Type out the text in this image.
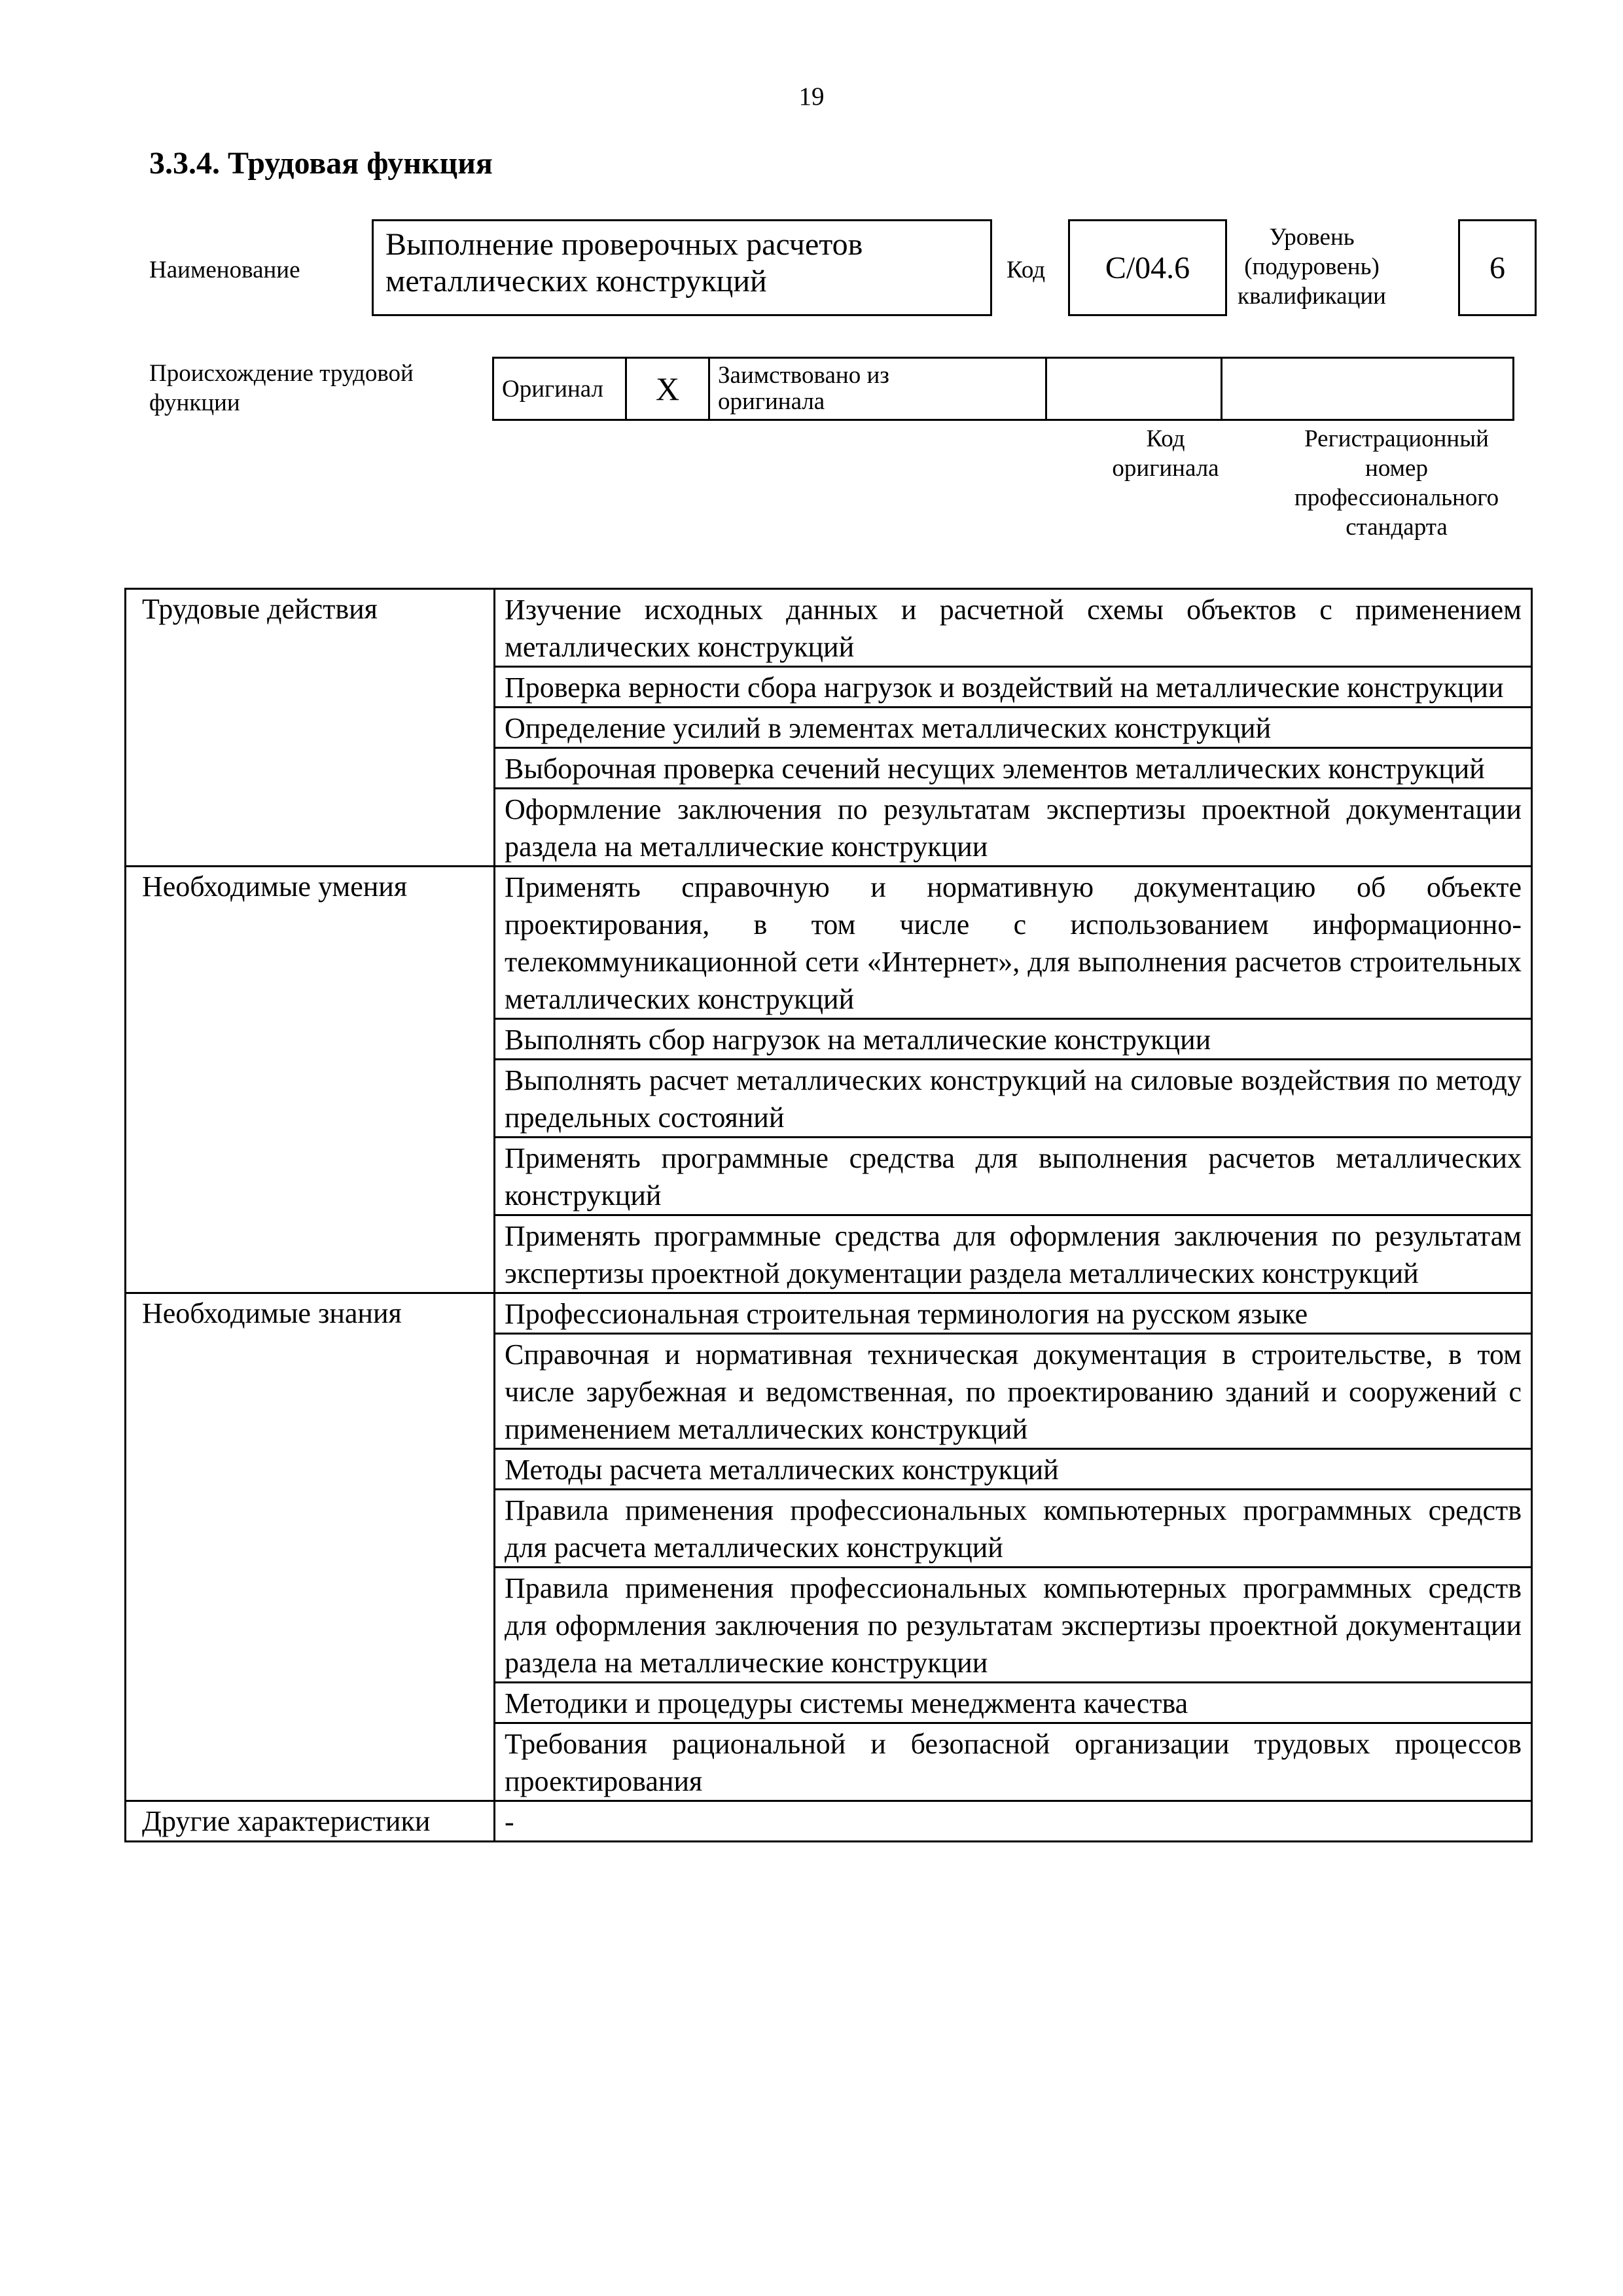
19
3.3.4. Трудовая функция
Наименование
Выполнение проверочных расчетов
металлических конструкций	Код	C/04.6
Уровень
(подуровень)
квалификации
6
Происхождение трудовой
функции
Оригинал	X	Заимствовано из
оригинала

Код
оригинала
Регистрационный
номер
профессионального
стандарта
Трудовые действия	Изучение исходных данных и расчетной схемы объектов с применением металлических конструкций
	Проверка верности сбора нагрузок и воздействий на металлические конструкции
	Определение усилий в элементах металлических конструкций
	Выборочная проверка сечений несущих элементов металлических конструкций
	Оформление заключения по результатам экспертизы проектной документации раздела на металлические конструкции
Необходимые умения	Применять справочную и нормативную документацию об объекте проектирования, в том числе с использованием информационно-телекоммуникационной сети «Интернет», для выполнения расчетов строительных металлических конструкций
	Выполнять сбор нагрузок на металлические конструкции
	Выполнять расчет металлических конструкций на силовые воздействия по методу предельных состояний
	Применять программные средства для выполнения расчетов металлических конструкций
	Применять программные средства для оформления заключения по результатам экспертизы проектной документации раздела металлических конструкций
Необходимые знания	Профессиональная строительная терминология на русском языке
	Справочная и нормативная техническая документация в строительстве, в том числе зарубежная и ведомственная, по проектированию зданий и сооружений с применением металлических конструкций
	Методы расчета металлических конструкций
	Правила применения профессиональных компьютерных программных средств для расчета металлических конструкций
	Правила применения профессиональных компьютерных программных средств для оформления заключения по результатам экспертизы проектной документации раздела на металлические конструкции
	Методики и процедуры системы менеджмента качества
	Требования рациональной и безопасной организации трудовых процессов проектирования
Другие характеристики	-
